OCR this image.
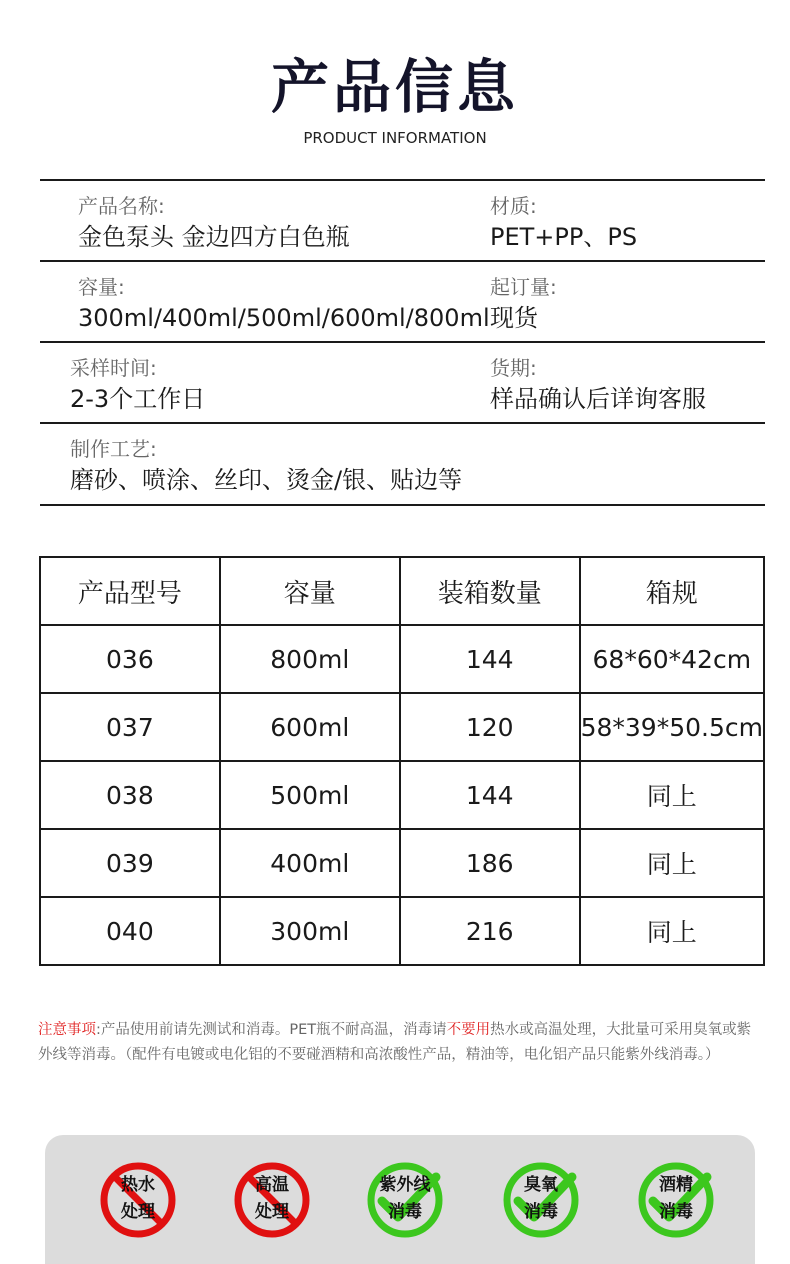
产品信息
PRODUCT INFORMATION
产品名称:
金色泵头 金边四方白色瓶
材质:
PET+PP、PS
容量:
300ml/400ml/500ml/600ml/800ml
起订量:
现货
采样时间:
2-3个工作日
货期:
样品确认后详询客服
制作工艺:
磨砂、喷涂、丝印、烫金/银、贴边等
产品型号	容量	装箱数量	箱规
036	800ml	144	68*60*42cm
037	600ml	120	58*39*50.5cm
038	500ml	144	同上
039	400ml	186	同上
040	300ml	216	同上
注意事项:产品使用前请先测试和消毒。PET瓶不耐高温，消毒请不要用热水或高温处理，大批量可采用臭氧或紫外线等消毒。（配件有电镀或电化铝的不要碰酒精和高浓酸性产品，精油等，电化铝产品只能紫外线消毒。）
热水
处理
高温
处理
紫外线
消毒
臭氧
消毒
酒精
消毒
